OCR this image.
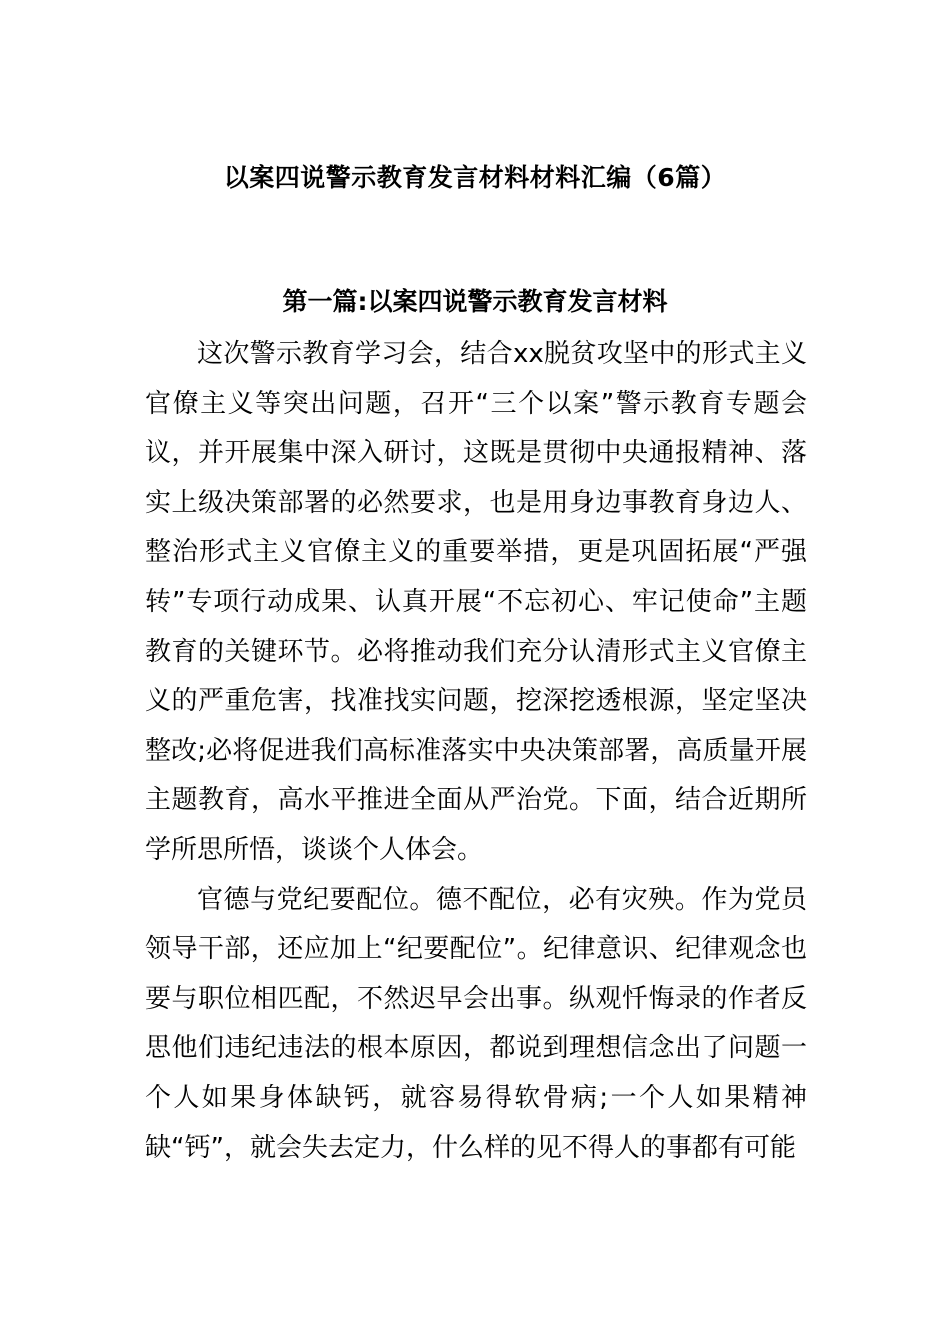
以案四说警示教育发言材料材料汇编（6篇）
第一篇:以案四说警示教育发言材料

这次警示教育学习会，结合xx脱贫攻坚中的形式主义官僚主义等突出问题，召开“三个以案”警示教育专题会议，并开展集中深入研讨，这既是贯彻中央通报精神、落实上级决策部署的必然要求，也是用身边事教育身边人、整治形式主义官僚主义的重要举措，更是巩固拓展“严强转”专项行动成果、认真开展“不忘初心、牢记使命”主题教育的关键环节。必将推动我们充分认清形式主义官僚主义的严重危害，找准找实问题，挖深挖透根源，坚定坚决整改;必将促进我们高标准落实中央决策部署，高质量开展主题教育，高水平推进全面从严治党。下面，结合近期所学所思所悟，谈谈个人体会。

官德与党纪要配位。德不配位，必有灾殃。作为党员领导干部，还应加上“纪要配位”。纪律意识、纪律观念也要与职位相匹配，不然迟早会出事。纵观忏悔录的作者反思他们违纪违法的根本原因，都说到理想信念出了问题一个人如果身体缺钙，就容易得软骨病;一个人如果精神缺“钙”，就会失去定力，什么样的见不得人的事都有可能
